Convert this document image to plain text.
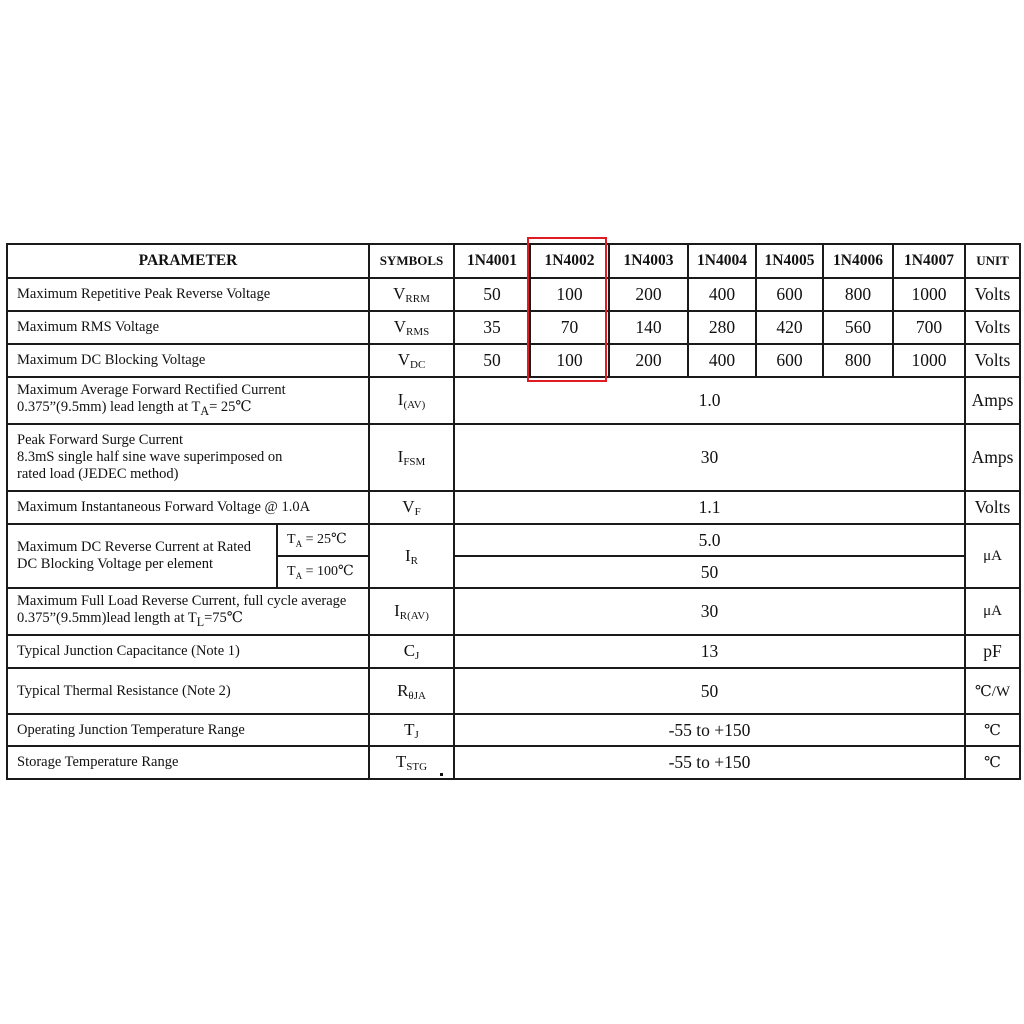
PARAMETER		SYMBOLS	1N4001	1N4002	1N4003	1N4004	1N4005	1N4006	1N4007	UNIT
Maximum Repetitive Peak Reverse Voltage		$V_{RRM}$	50	100	200	400	600	800	1000	Volts
Maximum RMS Voltage		$V_{RMS}$	35	70	140	280	420	560	700	Volts
Maximum DC Blocking Voltage		$V_{DC}$	50	100	200	400	600	800	1000	Volts

Maximum Average Forward Rectified Current
0.375”(9.5mm) lead length at $T_A=$ 25℃		$I_{(AV)}$	1.0							Amps

Peak Forward Surge Current
8.3mS single half sine wave superimposed on
rated load (JEDEC method)		$I_{FSM}$	30							Amps
Maximum Instantaneous Forward Voltage @ 1.0A		$V_F$	1.1							Volts

Maximum DC Reverse Current at Rated
DC Blocking Voltage per element	$T_A$ = 25℃	$I_R$	5.0							μA
	$T_A$ = 100℃		50							

Maximum Full Load Reverse Current, full cycle average
0.375”(9.5mm)lead length at $T_L=75℃$		$I_{R(AV)}$	30							μA
Typical Junction Capacitance (Note 1)		$C_J$	13							pF
Typical Thermal Resistance (Note 2)		$R_{\theta JA}$	50							℃/W
Operating Junction Temperature Range		$T_J$	-55 to +150							℃
Storage Temperature Range		$T_{STG}$	-55 to +150							℃
